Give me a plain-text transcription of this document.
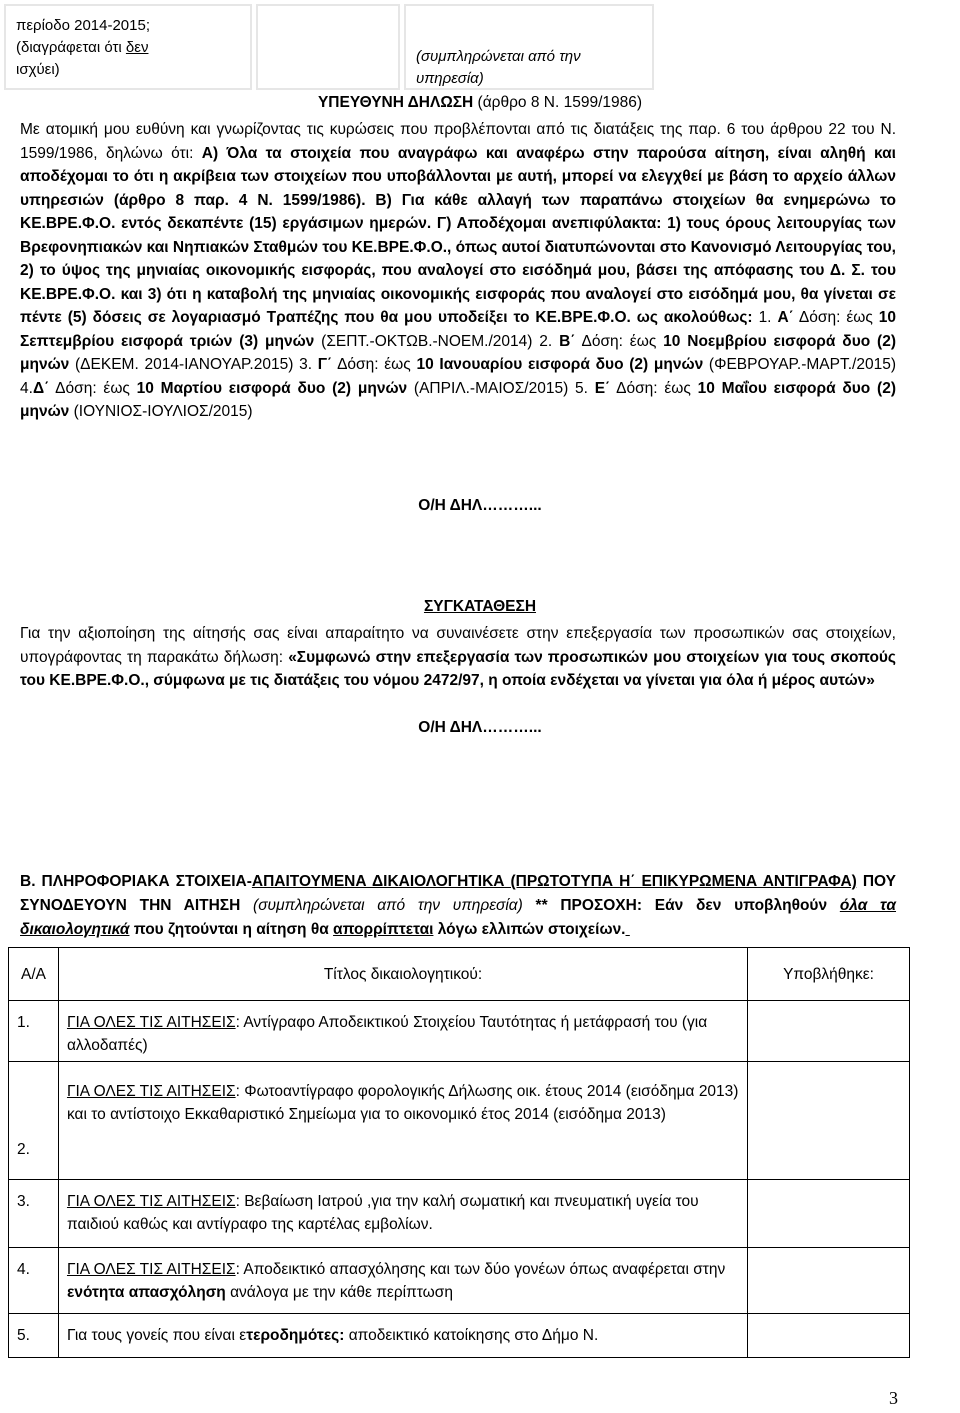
περίοδο 2014-2015;
(διαγράφεται ότι δεν
ισχύει)
(συμπληρώνεται από την
υπηρεσία)
ΥΠΕΥΘΥΝΗ ΔΗΛΩΣΗ (άρθρο 8 Ν. 1599/1986)
Με ατομική μου ευθύνη και γνωρίζοντας τις κυρώσεις που προβλέπονται από τις διατάξεις της παρ. 6 του άρθρου 22 του Ν. 1599/1986, δηλώνω ότι: Α) Όλα τα στοιχεία που αναγράφω και αναφέρω στην παρούσα αίτηση, είναι αληθή και αποδέχομαι το ότι η ακρίβεια των στοιχείων που υποβάλλονται με αυτή, μπορεί να ελεγχθεί με βάση το αρχείο άλλων υπηρεσιών (άρθρο 8 παρ. 4 Ν. 1599/1986). Β) Για κάθε αλλαγή των παραπάνω στοιχείων θα ενημερώνω το ΚΕ.ΒΡΕ.Φ.Ο. εντός δεκαπέντε (15) εργάσιμων ημερών. Γ) Αποδέχομαι ανεπιφύλακτα: 1) τους όρους λειτουργίας των Βρεφονηπιακών και Νηπιακών Σταθμών του ΚΕ.ΒΡΕ.Φ.Ο., όπως αυτοί διατυπώνονται στο Κανονισμό Λειτουργίας του, 2) το ύψος της μηνιαίας οικονομικής εισφοράς, που αναλογεί στο εισόδημά μου, βάσει της απόφασης του Δ. Σ. του ΚΕ.ΒΡΕ.Φ.Ο. και 3) ότι η καταβολή της μηνιαίας οικονομικής εισφοράς που αναλογεί στο εισόδημά μου, θα γίνεται σε πέντε (5) δόσεις σε λογαριασμό Τραπέζης που θα μου υποδείξει το ΚΕ.ΒΡΕ.Φ.Ο. ως ακολούθως: 1. Α΄ Δόση: έως 10 Σεπτεμβρίου εισφορά τριών (3) μηνών (ΣΕΠΤ.-ΟΚΤΩΒ.-ΝΟΕΜ./2014) 2. Β΄ Δόση: έως 10 Νοεμβρίου εισφορά δυο (2) μηνών (ΔΕΚΕΜ. 2014-ΙΑΝΟΥΑΡ.2015) 3. Γ΄ Δόση: έως 10 Ιανουαρίου εισφορά δυο (2) μηνών (ΦΕΒΡΟΥΑΡ.-ΜΑΡΤ./2015) 4.Δ΄ Δόση: έως 10 Μαρτίου εισφορά δυο (2) μηνών (ΑΠΡΙΛ.-ΜΑΙΟΣ/2015) 5. Ε΄ Δόση: έως 10 Μαΐου εισφορά δυο (2) μηνών (ΙΟΥΝΙΟΣ-ΙΟΥΛΙΟΣ/2015)
Ο/Η ΔΗΛ………...
ΣΥΓΚΑΤΑΘΕΣΗ
Για την αξιοποίηση της αίτησής σας είναι απαραίτητο να συναινέσετε στην επεξεργασία των προσωπικών σας στοιχείων, υπογράφοντας τη παρακάτω δήλωση: «Συμφωνώ στην επεξεργασία των προσωπικών μου στοιχείων για τους σκοπούς του ΚΕ.ΒΡΕ.Φ.Ο., σύμφωνα με τις διατάξεις του νόμου 2472/97, η οποία ενδέχεται να γίνεται για όλα ή μέρος αυτών»
Ο/Η ΔΗΛ………...
Β. ΠΛΗΡΟΦΟΡΙΑΚΑ ΣΤΟΙΧΕΙΑ-ΑΠΑΙΤΟΥΜΕΝΑ ΔΙΚΑΙΟΛΟΓΗΤΙΚΑ (ΠΡΩΤΟΤΥΠΑ Η΄ ΕΠΙΚΥΡΩΜΕΝΑ ΑΝΤΙΓΡΑΦΑ) ΠΟΥ ΣΥΝΟΔΕΥΟΥΝ ΤΗΝ ΑΙΤΗΣΗ (συμπληρώνεται από την υπηρεσία) ** ΠΡΟΣΟΧΗ: Εάν δεν υποβληθούν όλα τα δικαιολογητικά που ζητούνται η αίτηση θα απορρίπτεται λόγω ελλιπών στοιχείων.
Α/Α	Τίτλος δικαιολογητικού:	Υποβλήθηκε:
1.	ΓΙΑ ΟΛΕΣ ΤΙΣ ΑΙΤΗΣΕΙΣ: Αντίγραφο Αποδεικτικού Στοιχείου Ταυτότητας ή μετάφρασή του (για αλλοδαπές)	
2.	ΓΙΑ ΟΛΕΣ ΤΙΣ ΑΙΤΗΣΕΙΣ: Φωτοαντίγραφο φορολογικής Δήλωσης οικ. έτους 2014 (εισόδημα 2013) και το αντίστοιχο Εκκαθαριστικό Σημείωμα για το οικονομικό έτος 2014 (εισόδημα 2013)	
3.	ΓΙΑ ΟΛΕΣ ΤΙΣ ΑΙΤΗΣΕΙΣ: Βεβαίωση Ιατρού ,για την καλή σωματική και πνευματική υγεία του παιδιού καθώς και αντίγραφο της καρτέλας εμβολίων.	
4.	ΓΙΑ ΟΛΕΣ ΤΙΣ ΑΙΤΗΣΕΙΣ: Αποδεικτικό απασχόλησης και των δύο γονέων όπως αναφέρεται στην ενότητα απασχόληση ανάλογα με την κάθε περίπτωση	
5.	Για τους γονείς που είναι ετεροδημότες: αποδεικτικό κατοίκησης στο Δήμο Ν.	
3
